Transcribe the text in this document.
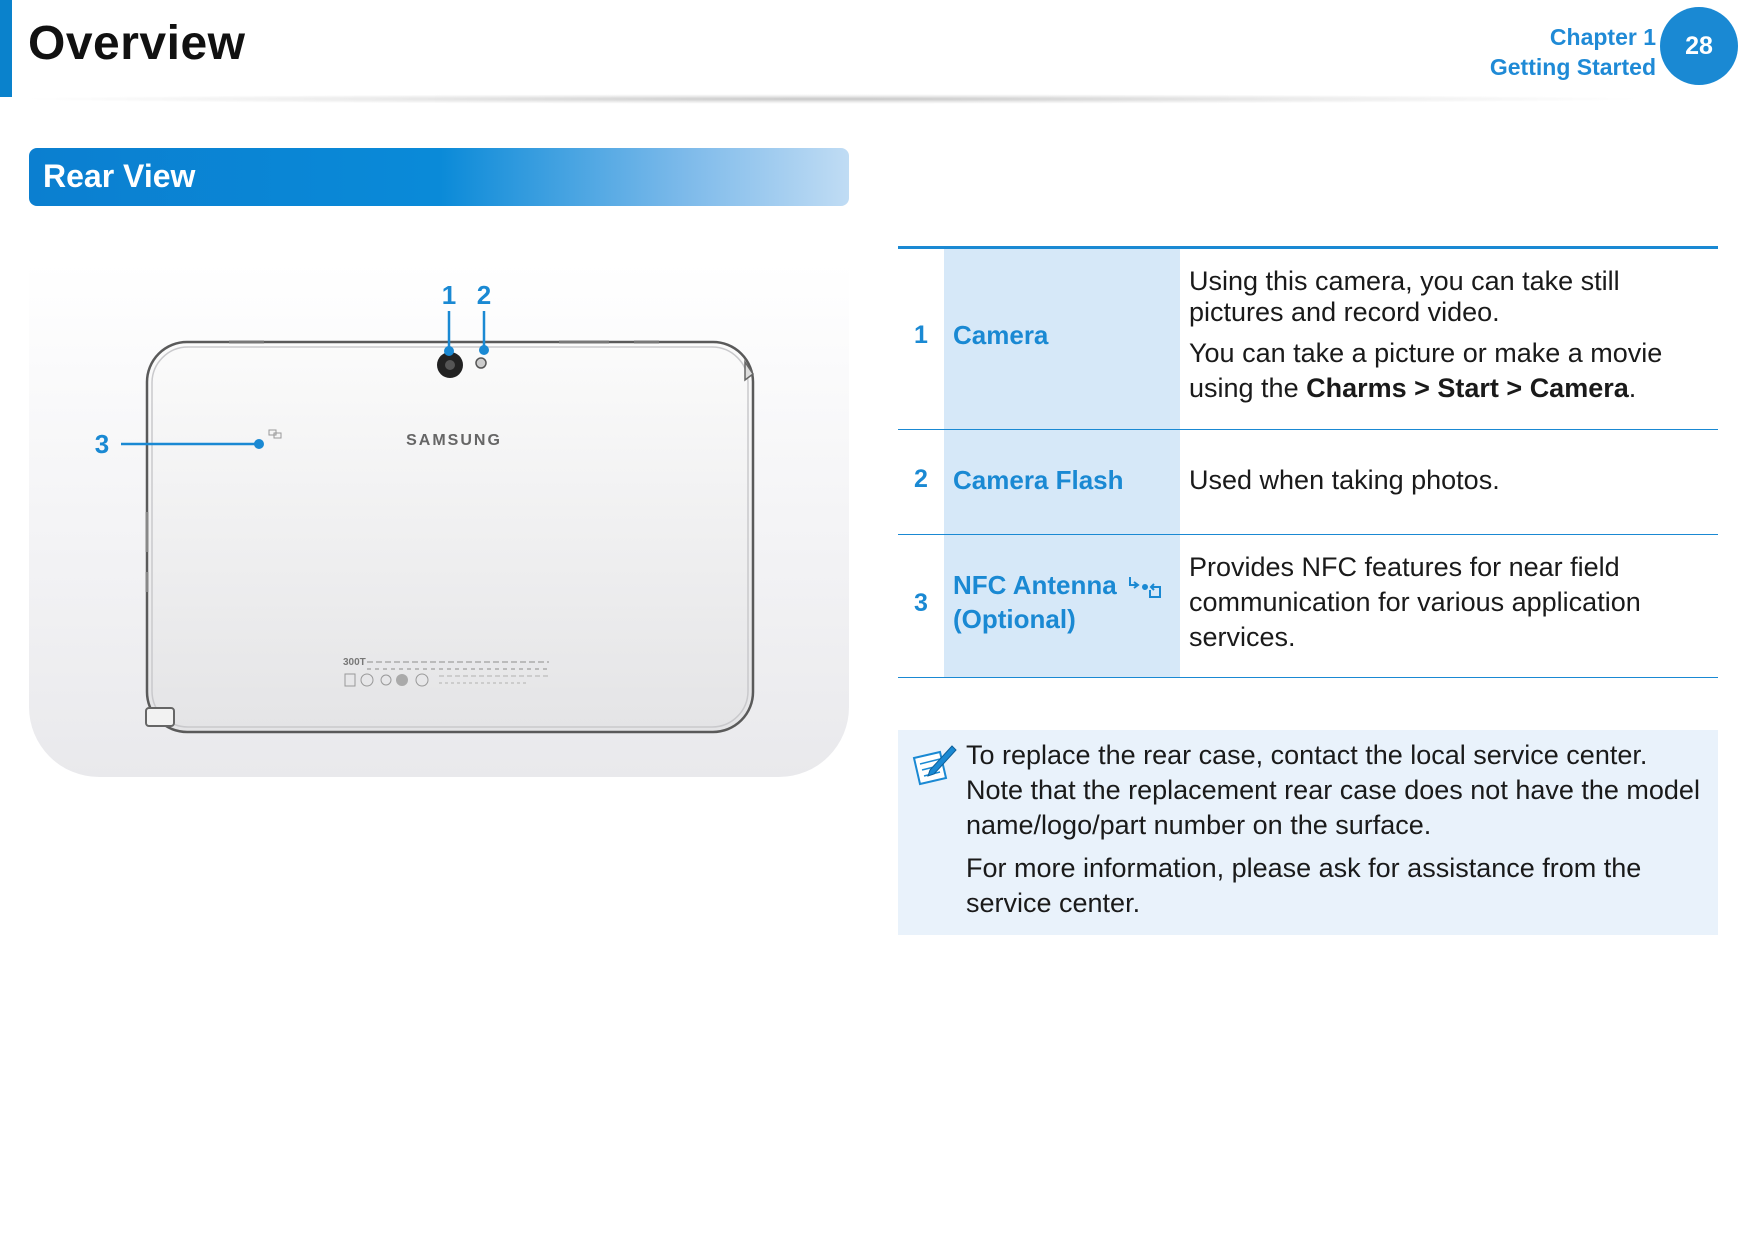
Overview	Chapter 1
Getting Started
28
Rear View
SAMSUNG
300T
1 2
3
1 Camera

Using this camera, you can take still pictures and record video.

You can take a picture or make a movie using the Charms > Start > Camera.

2 Camera Flash Used when taking photos.
3
NFC Antenna
(Optional)
Provides NFC features for near field communication for various application services.

To replace the rear case, contact the local service center. Note that the replacement rear case does not have the model name/logo/part number on the surface.

For more information, please ask for assistance from the service center.
